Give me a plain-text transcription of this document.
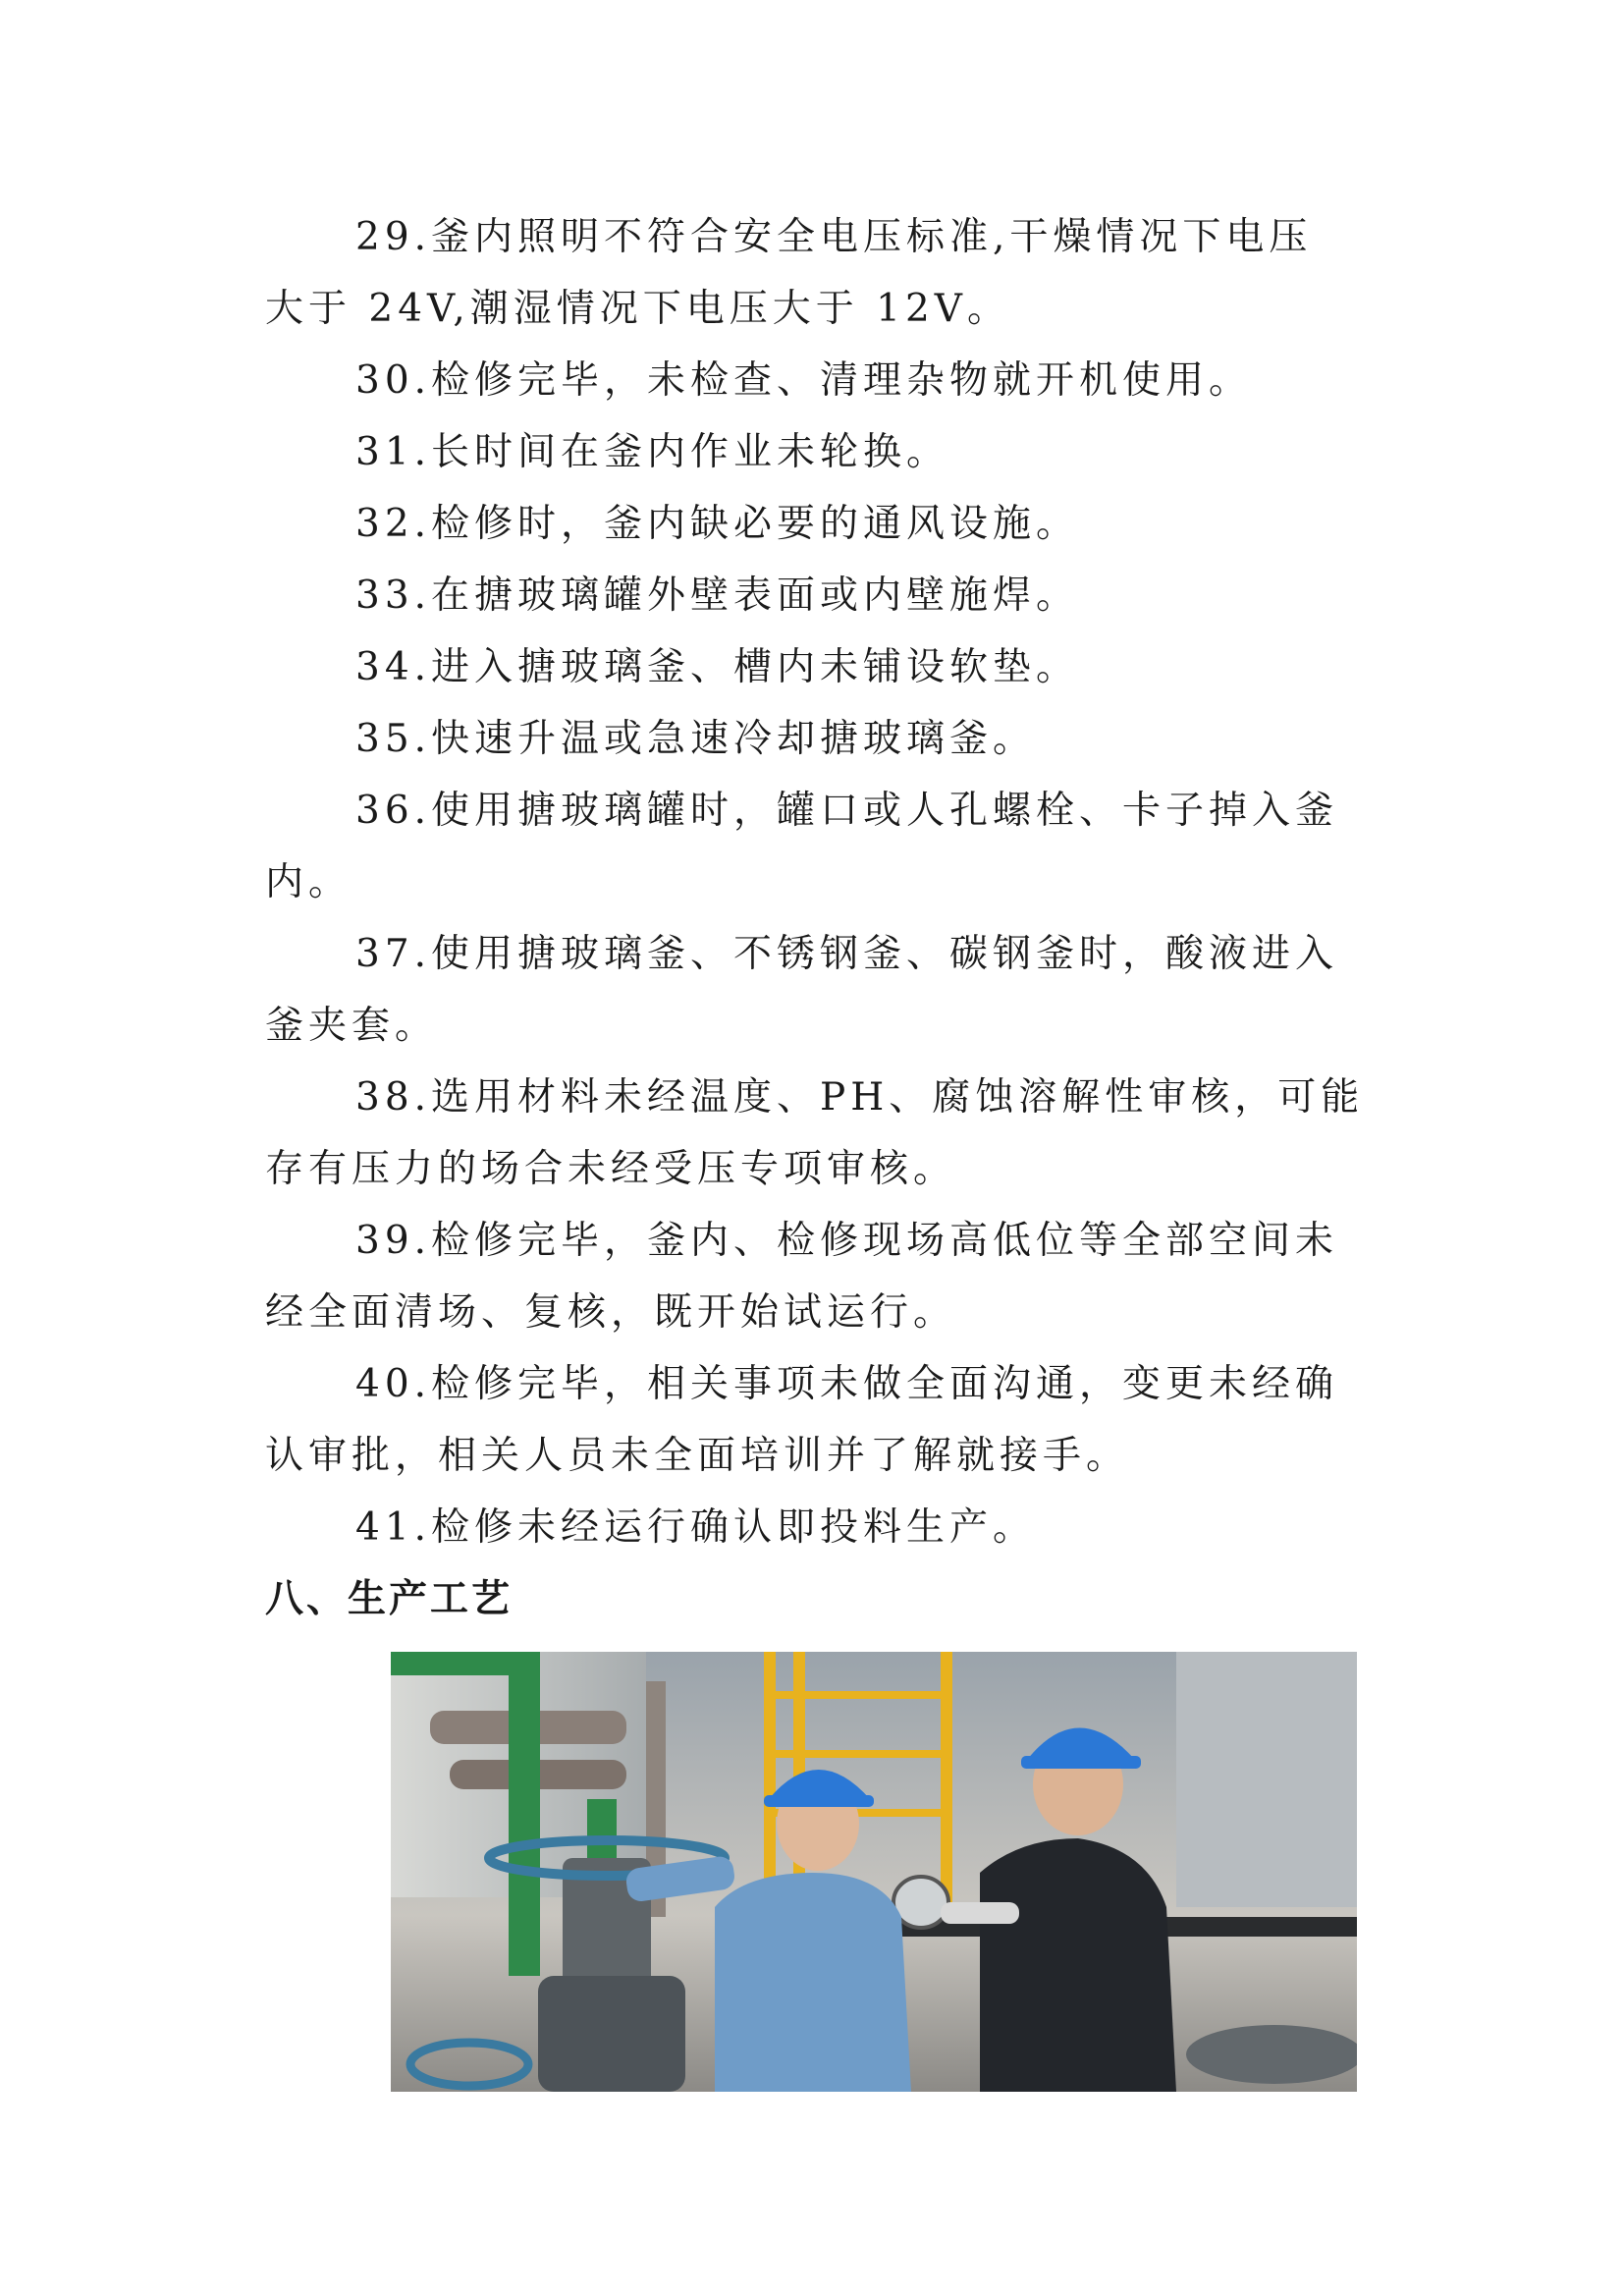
29.釜内照明不符合安全电压标准,干燥情况下电压
大于 24V,潮湿情况下电压大于 12V。
30.检修完毕，未检查、清理杂物就开机使用。
31.长时间在釜内作业未轮换。
32.检修时，釜内缺必要的通风设施。
33.在搪玻璃罐外壁表面或内壁施焊。
34.进入搪玻璃釜、槽内未铺设软垫。
35.快速升温或急速冷却搪玻璃釜。
36.使用搪玻璃罐时，罐口或人孔螺栓、卡子掉入釜
内。
37.使用搪玻璃釜、不锈钢釜、碳钢釜时，酸液进入
釜夹套。
38.选用材料未经温度、PH、腐蚀溶解性审核，可能
存有压力的场合未经受压专项审核。
39.检修完毕，釜内、检修现场高低位等全部空间未
经全面清场、复核，既开始试运行。
40.检修完毕，相关事项未做全面沟通，变更未经确
认审批，相关人员未全面培训并了解就接手。
41.检修未经运行确认即投料生产。
八、生产工艺
